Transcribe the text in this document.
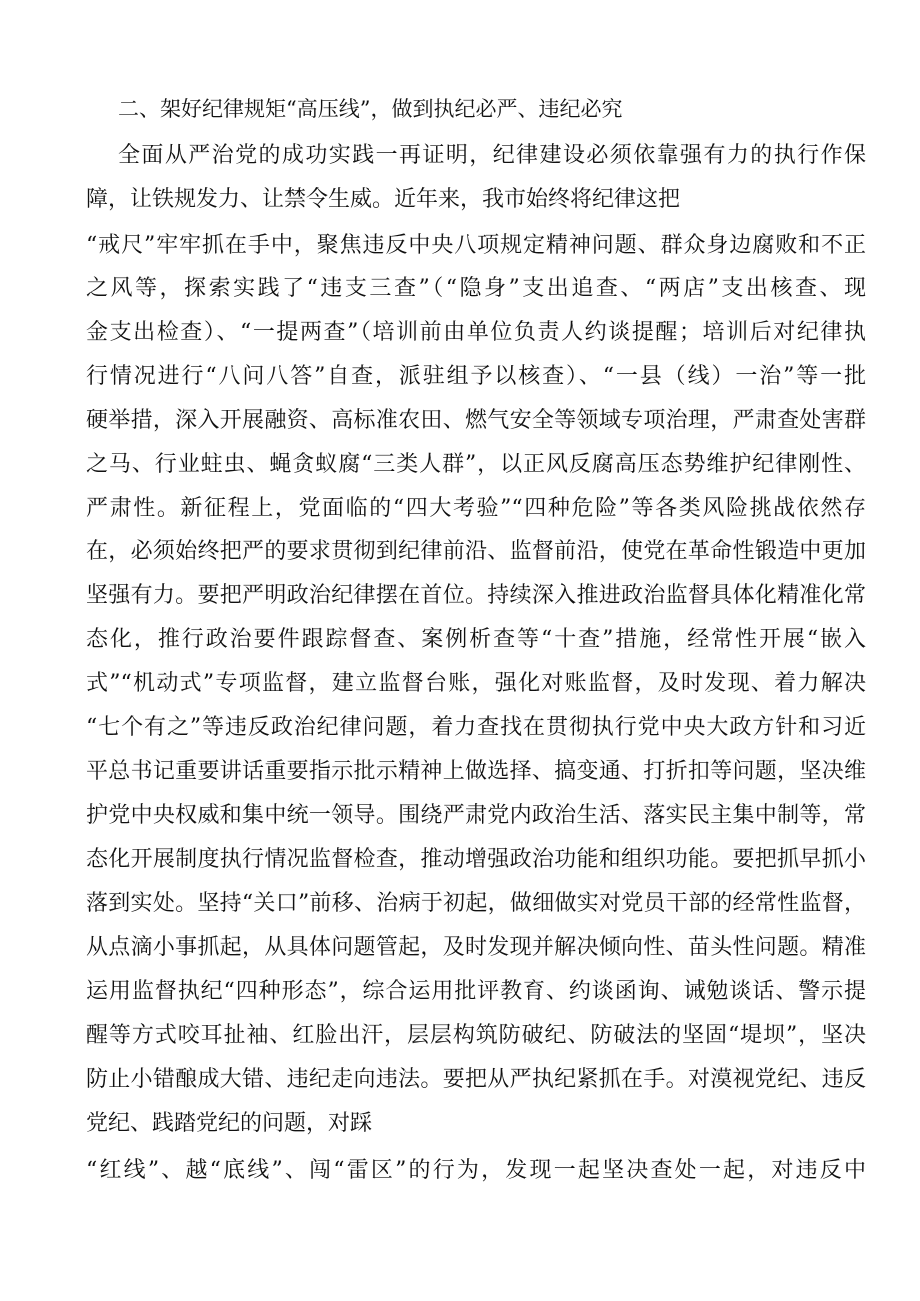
二、架好纪律规矩“高压线”，做到执纪必严、违纪必究
全面从严治党的成功实践一再证明，纪律建设必须依靠强有力的执行作保
障，让铁规发力、让禁令生威。近年来，我市始终将纪律这把
“戒尺”牢牢抓在手中，聚焦违反中央八项规定精神问题、群众身边腐败和不正
之风等，探索实践了“违支三查”（“隐身”支出追查、“两店”支出核查、现
金支出检查）、“一提两查”（培训前由单位负责人约谈提醒；培训后对纪律执
行情况进行“八问八答”自查，派驻组予以核查）、“一县（线）一治”等一批
硬举措，深入开展融资、高标准农田、燃气安全等领域专项治理，严肃查处害群
之马、行业蛀虫、蝇贪蚁腐“三类人群”，以正风反腐高压态势维护纪律刚性、
严肃性。新征程上，党面临的“四大考验”“四种危险”等各类风险挑战依然存
在，必须始终把严的要求贯彻到纪律前沿、监督前沿，使党在革命性锻造中更加
坚强有力。要把严明政治纪律摆在首位。持续深入推进政治监督具体化精准化常
态化，推行政治要件跟踪督查、案例析查等“十查”措施，经常性开展“嵌入
式”“机动式”专项监督，建立监督台账，强化对账监督，及时发现、着力解决
“七个有之”等违反政治纪律问题，着力查找在贯彻执行党中央大政方针和习近
平总书记重要讲话重要指示批示精神上做选择、搞变通、打折扣等问题，坚决维
护党中央权威和集中统一领导。围绕严肃党内政治生活、落实民主集中制等，常
态化开展制度执行情况监督检查，推动增强政治功能和组织功能。要把抓早抓小
落到实处。坚持“关口”前移、治病于初起，做细做实对党员干部的经常性监督，
从点滴小事抓起，从具体问题管起，及时发现并解决倾向性、苗头性问题。精准
运用监督执纪“四种形态”，综合运用批评教育、约谈函询、诫勉谈话、警示提
醒等方式咬耳扯袖、红脸出汗，层层构筑防破纪、防破法的坚固“堤坝”，坚决
防止小错酿成大错、违纪走向违法。要把从严执纪紧抓在手。对漠视党纪、违反
党纪、践踏党纪的问题，对踩
“红线”、越“底线”、闯“雷区”的行为，发现一起坚决查处一起，对违反中
